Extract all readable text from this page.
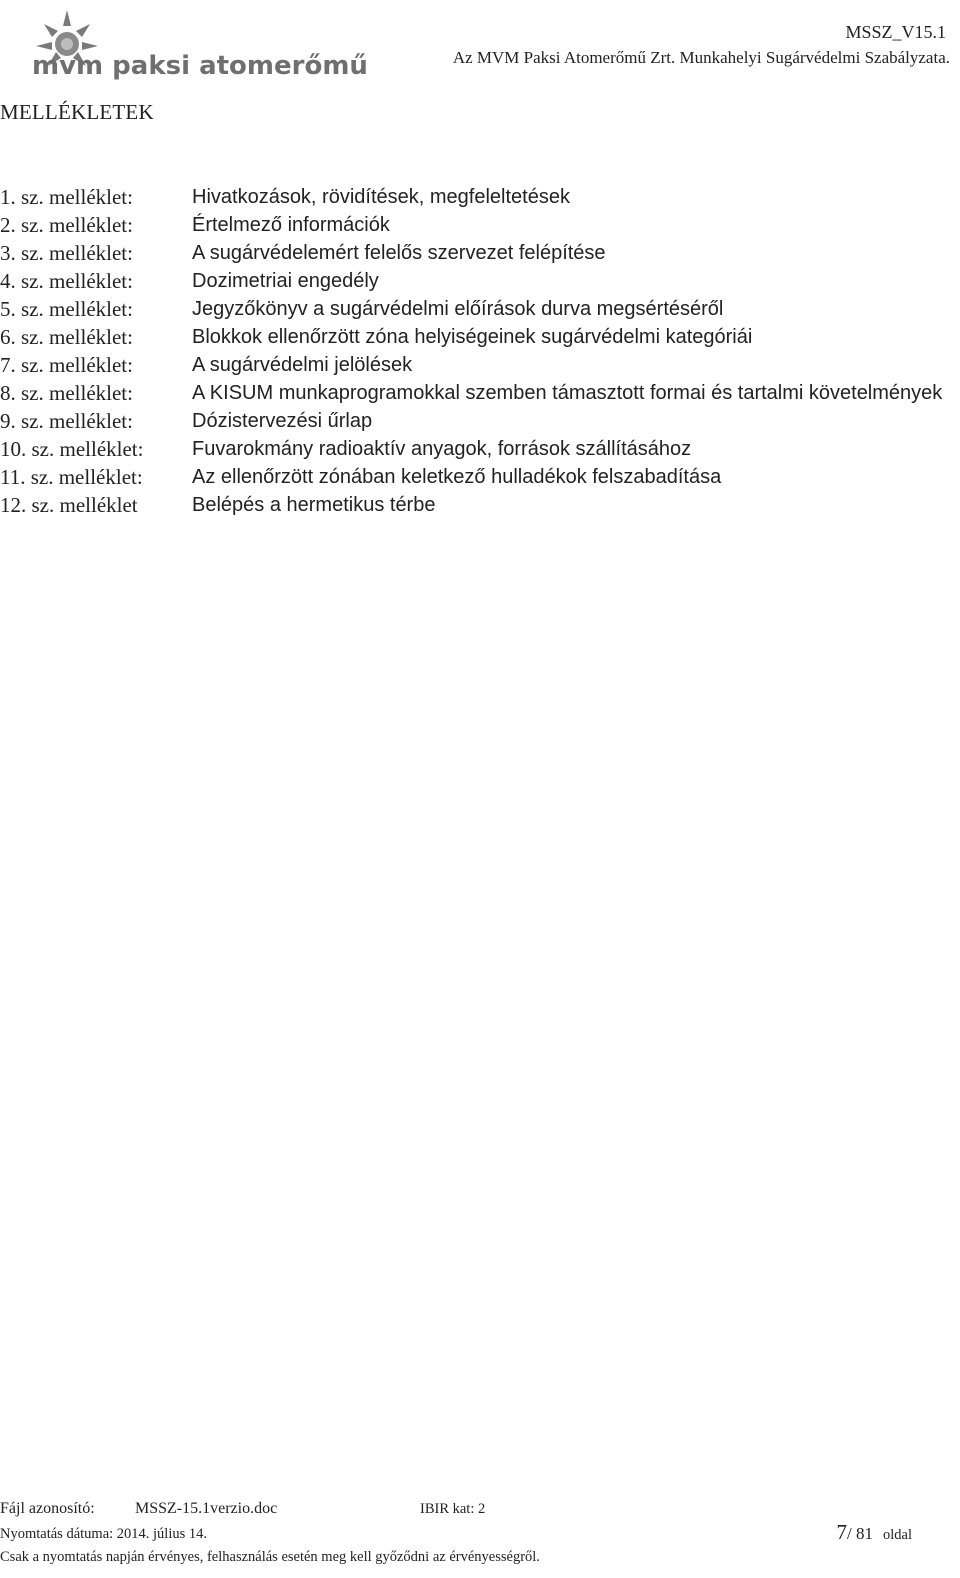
mvm paksi atomerőmű
MSSZ_V15.1
Az MVM Paksi Atomerőmű Zrt. Munkahelyi Sugárvédelmi Szabályzata.
MELLÉKLETEK
1. sz. melléklet:	Hivatkozások, rövidítések, megfeleltetések
2. sz. melléklet:	Értelmező információk
3. sz. melléklet:	A sugárvédelemért felelős szervezet felépítése
4. sz. melléklet:	Dozimetriai engedély
5. sz. melléklet:	Jegyzőkönyv a sugárvédelmi előírások durva megsértéséről
6. sz. melléklet:	Blokkok ellenőrzött zóna helyiségeinek sugárvédelmi kategóriái
7. sz. melléklet:	A sugárvédelmi jelölések
8. sz. melléklet:	A KISUM munkaprogramokkal szemben támasztott formai és tartalmi követelmények
9. sz. melléklet:	Dózistervezési űrlap
10. sz. melléklet:	Fuvarokmány radioaktív anyagok, források szállításához
11. sz. melléklet:	Az ellenőrzött zónában keletkező hulladékok felszabadítása
12. sz. melléklet	Belépés a hermetikus térbe
Fájl azonosító:	MSSZ-15.1verzio.doc	IBIR kat: 2
Nyomtatás dátuma: 2014. július 14.	7/ 81 oldal
Csak a nyomtatás napján érvényes, felhasználás esetén meg kell győződni az érvényességről.
